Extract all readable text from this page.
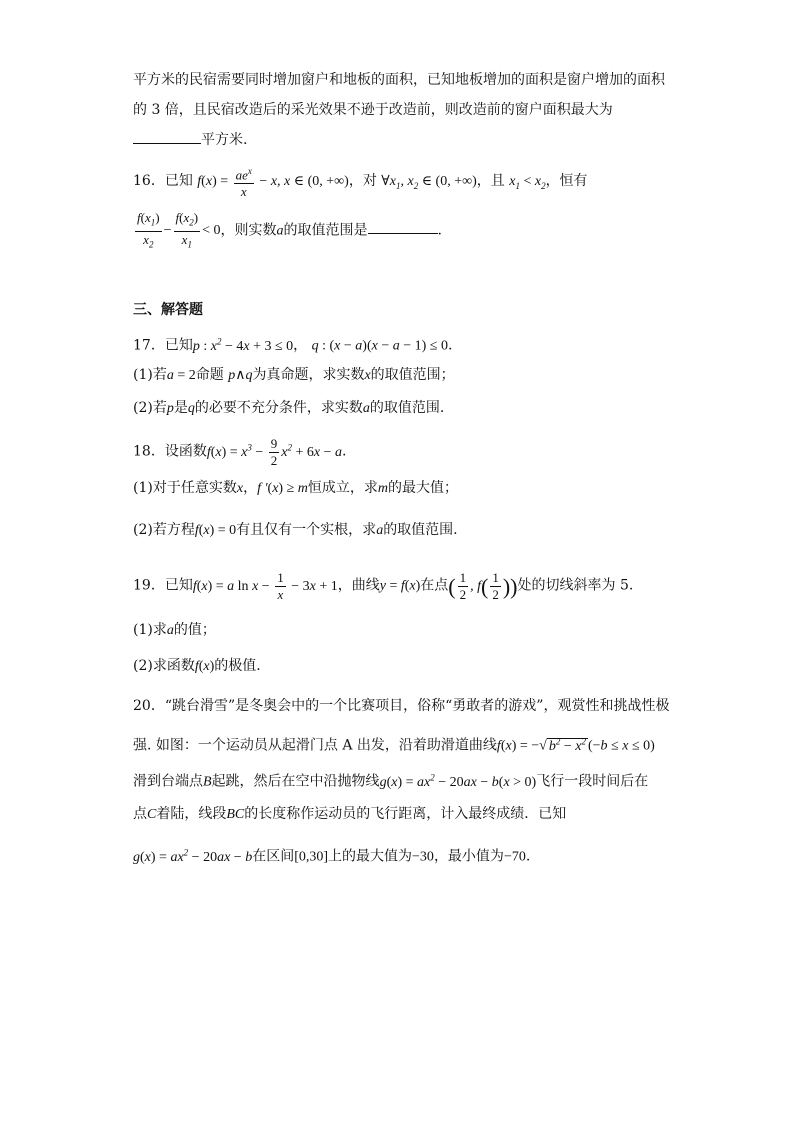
平方米的民宿需要同时增加窗户和地板的面积，已知地板增加的面积是窗户增加的面积
的 3 倍，且民宿改造后的采光效果不逊于改造前，则改造前的窗户面积最大为
平方米.
16．已知 $f(x) = \frac{ae^x}{x} - x$, x ∈ (0, +∞)，对 $\forall x_1$, $x_2$ ∈ (0, +∞)，且 $x_1 < x_2$，恒有
$\frac{f(x_1)}{x_2} - \frac{f(x_2)}{x_1} < 0$，则实数a的取值范围是	.
三、解答题
17．已知p : $x^2 - 4x + 3 \le 0$， q : (x − a)(x − a − 1) ≤ 0.
(1)若a = 2命题 p∧q为真命题，求实数x的取值范围；
(2)若p是q的必要不充分条件，求实数a的取值范围.
18．设函数$f(x) = x^3 - \frac{9}{2} x^2 + 6x - a$.
(1)对于任意实数x，f ′(x) ≥ m恒成立，求m的最大值；
(2)若方程f(x) = 0有且仅有一个实根，求a的取值范围.
19．已知f(x) = a $\ln x - \frac{1}{x} - 3x + 1$，曲线y = f(x)在点( $\frac{1}{2}$ , $f( \frac{1}{2}$ ))处的切线斜率为 5.
(1)求a的值；
(2)求函数f(x)的极值.
20．“跳台滑雪”是冬奥会中的一个比赛项目，俗称“勇敢者的游戏”，观赏性和挑战性极
强. 如图：一个运动员从起滑门点 A 出发，沿着助滑道曲线f(x) = −√ $b^2 - x^2$ (−b ≤ x ≤ 0)
滑到台端点B起跳，然后在空中沿抛物线$g(x) = ax^2 - 20ax - b(x > 0)$飞行一段时间后在
点C着陆，线段BC的长度称作运动员的飞行距离，计入最终成绩．已知
$g(x) = ax^2 - 20ax - b$在区间[0,30]上的最大值为−30，最小值为−70.
